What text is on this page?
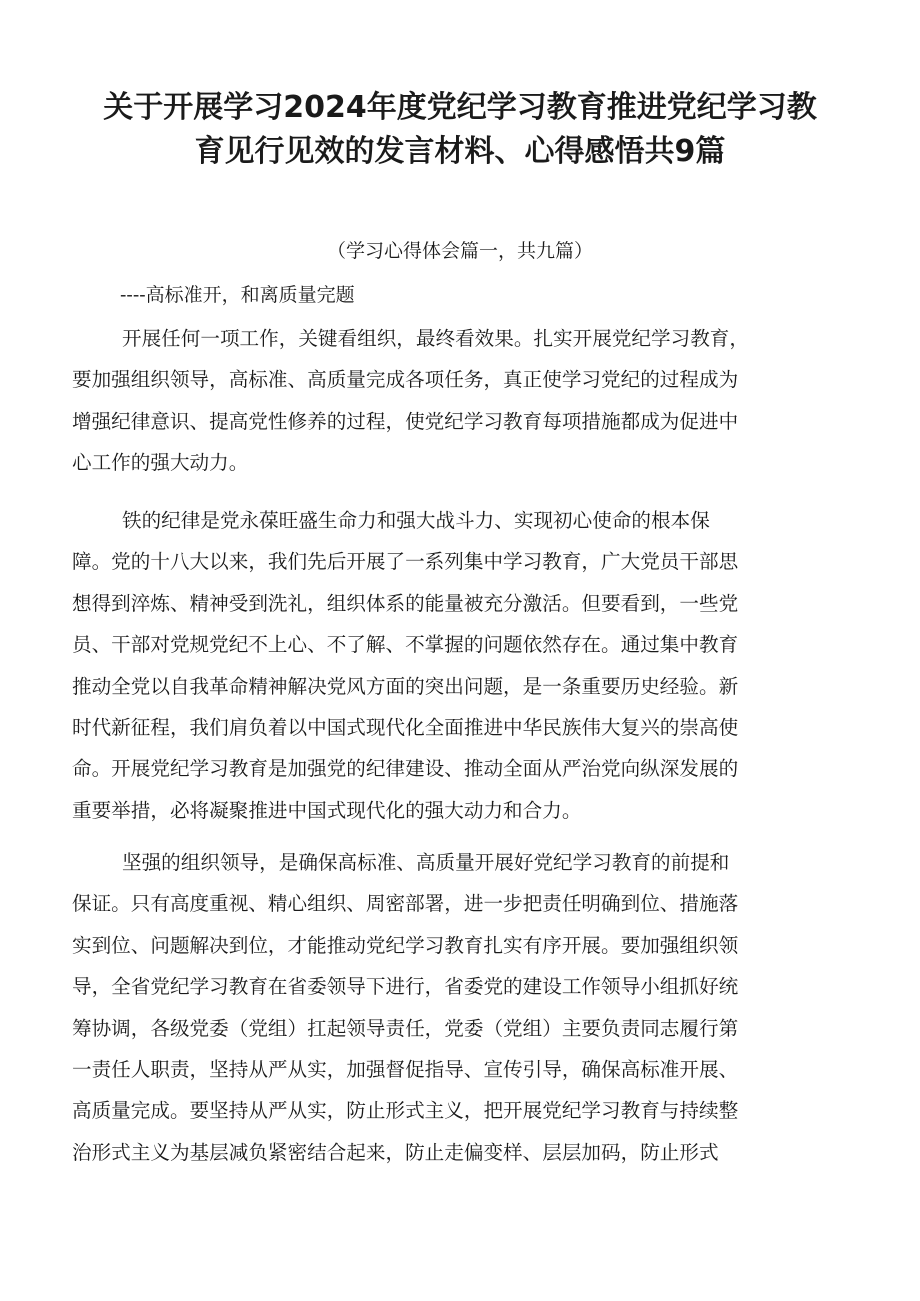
关于开展学习2024年度党纪学习教育推进党纪学习教
育见行见效的发言材料、心得感悟共9篇

（学习心得体会篇一，共九篇）

----高标准开，和离质量完题

开展任何一项工作，关键看组织，最终看效果。扎实开展党纪学习教育，
要加强组织领导，高标准、高质量完成各项任务，真正使学习党纪的过程成为
增强纪律意识、提高党性修养的过程，使党纪学习教育每项措施都成为促进中
心工作的强大动力。
铁的纪律是党永葆旺盛生命力和强大战斗力、实现初心使命的根本保
障。党的十八大以来，我们先后开展了一系列集中学习教育，广大党员干部思
想得到淬炼、精神受到洗礼，组织体系的能量被充分激活。但要看到，一些党
员、干部对党规党纪不上心、不了解、不掌握的问题依然存在。通过集中教育
推动全党以自我革命精神解决党风方面的突出问题，是一条重要历史经验。新
时代新征程，我们肩负着以中国式现代化全面推进中华民族伟大复兴的崇高使
命。开展党纪学习教育是加强党的纪律建设、推动全面从严治党向纵深发展的
重要举措，必将凝聚推进中国式现代化的强大动力和合力。
坚强的组织领导，是确保高标准、高质量开展好党纪学习教育的前提和
保证。只有高度重视、精心组织、周密部署，进一步把责任明确到位、措施落
实到位、问题解决到位，才能推动党纪学习教育扎实有序开展。要加强组织领
导，全省党纪学习教育在省委领导下进行，省委党的建设工作领导小组抓好统
筹协调，各级党委（党组）扛起领导责任，党委（党组）主要负责同志履行第
一责任人职责，坚持从严从实，加强督促指导、宣传引导，确保高标准开展、
高质量完成。要坚持从严从实，防止形式主义，把开展党纪学习教育与持续整
治形式主义为基层减负紧密结合起来，防止走偏变样、层层加码，防止形式
